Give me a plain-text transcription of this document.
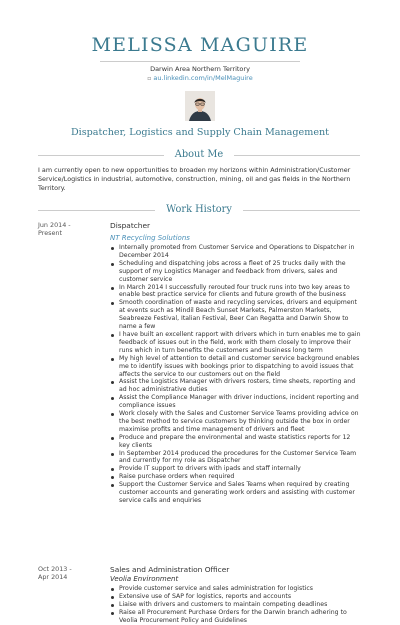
MELISSA MAGUIRE
Darwin Area Northern Territory
▫ au.linkedin.com/in/MelMaguire
Dispatcher, Logistics and Supply Chain Management
About Me
I am currently open to new opportunities to broaden my horizons within Administration/Customer Service/Logistics in industrial, automotive, construction, mining, oil and gas fields in the Northern Territory.
Work History
Jun 2014 -
Present
Dispatcher
NT Recycling Solutions
Internally promoted from Customer Service and Operations to Dispatcher in December 2014
Scheduling and dispatching jobs across a fleet of 25 trucks daily with the support of my Logistics Manager and feedback from drivers, sales and customer service
In March 2014 I successfully rerouted four truck runs into two key areas to enable best practice service for clients and future growth of the business
Smooth coordination of waste and recycling services, drivers and equipment at events such as Mindil Beach Sunset Markets, Palmerston Markets, Seabreeze Festival, Italian Festival, Beer Can Regatta and Darwin Show to name a few
I have built an excellent rapport with drivers which in turn enables me to gain feedback of issues out in the field, work with them closely to improve their runs which in turn benefits the customers and business long term
My high level of attention to detail and customer service background enables me to identify issues with bookings prior to dispatching to avoid issues that affects the service to our customers out on the field
Assist the Logistics Manager with drivers rosters, time sheets, reporting and ad hoc administrative duties
Assist the Compliance Manager with driver inductions, incident reporting and compliance issues
Work closely with the Sales and Customer Service Teams providing advice on the best method to service customers by thinking outside the box in order maximise profits and time management of drivers and fleet
Produce and prepare the environmental and waste statistics reports for 12 key clients
In September 2014 produced the procedures for the Customer Service Team and currently for my role as Dispatcher
Provide IT support to drivers with ipads and staff internally
Raise purchase orders when required
Support the Customer Service and Sales Teams when required by creating customer accounts and generating work orders and assisting with customer service calls and enquiries
Oct 2013 -
Apr 2014
Sales and Administration Officer
Veolia Environment
Provide customer service and sales administration for logistics
Extensive use of SAP for logistics, reports and accounts
Liaise with drivers and customers to maintain competing deadlines
Raise all Procurement Purchase Orders for the Darwin branch adhering to Veolia Procurement Policy and Guidelines
